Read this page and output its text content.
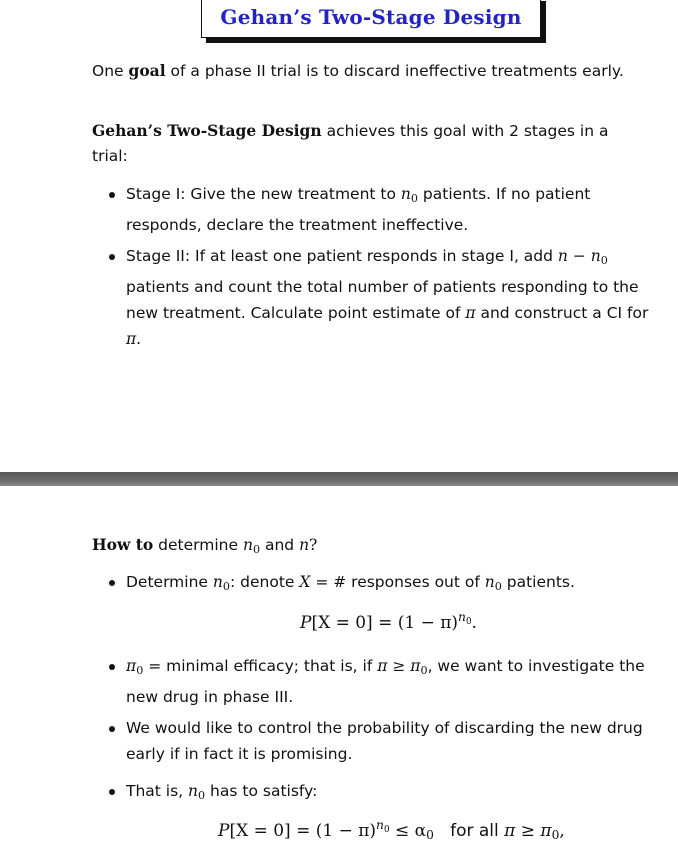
Gehan’s Two-Stage Design

One goal of a phase II trial is to discard ineffective treatments early.

Gehan’s Two-Stage Design achieves this goal with 2 stages in a
trial:

Stage I: Give the new treatment to $n_0$ patients. If no patient
responds, declare the treatment ineffective.

Stage II: If at least one patient responds in stage I, add $n - n_0$
patients and count the total number of patients responding to the
new treatment. Calculate point estimate of π and construct a CI for
π.

How to determine $n_0$ and n?

Determine $n_0$: denote X = # responses out of $n_0$ patients.

$P[X = 0] = (1 - \pi)^{n_0}$.

$\pi_0$ = minimal efficacy; that is, if $\pi \ge \pi_0$, we want to investigate the
new drug in phase III.

We would like to control the probability of discarding the new drug
early if in fact it is promising.

That is, $n_0$ has to satisfy:

$P[X = 0] = (1 - \pi)^{n_0} \le \alpha_0$   for all $\pi \ge \pi_0$,
